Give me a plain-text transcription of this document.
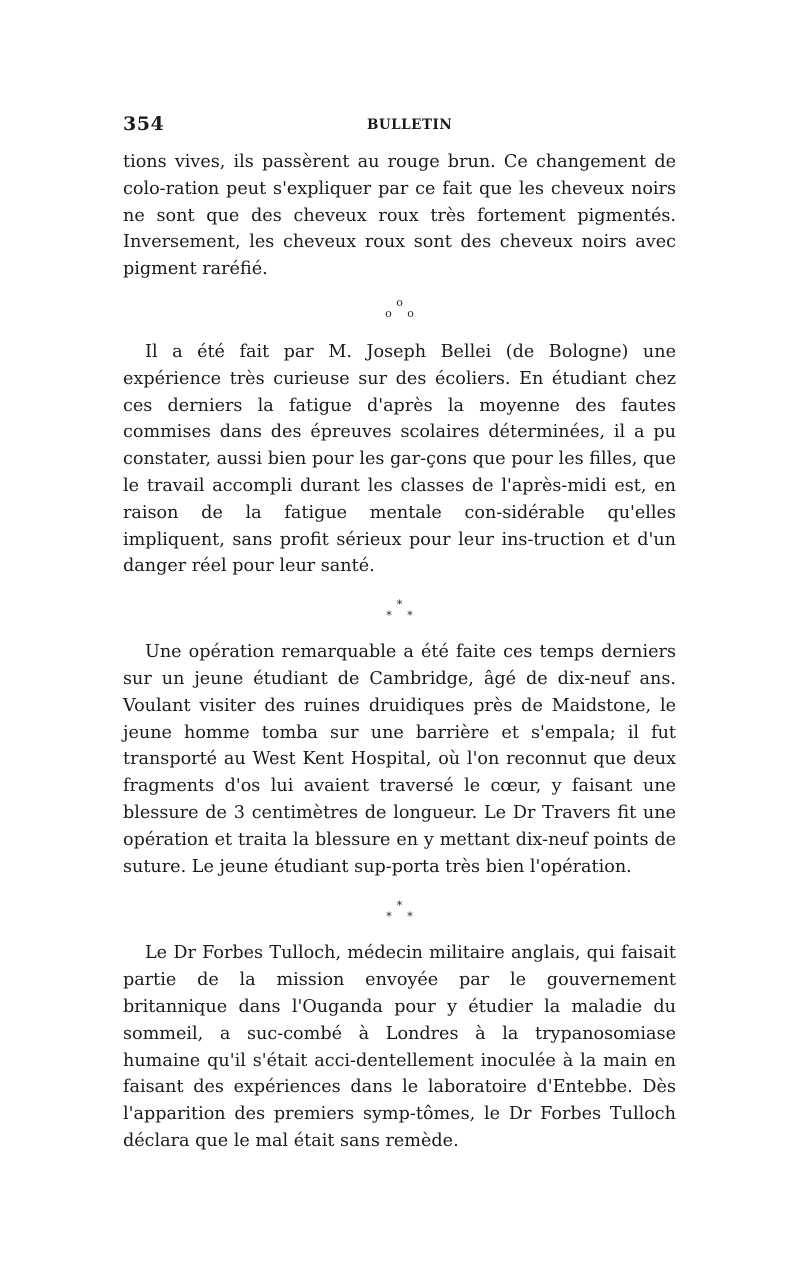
354	BULLETIN

tions vives, ils passèrent au rouge brun. Ce changement de colo-ration peut s'expliquer par ce fait que les cheveux noirs ne sont que des cheveux roux très fortement pigmentés. Inversement, les cheveux roux sont des cheveux noirs avec pigment raréfié.

o
o o

Il a été fait par M. Joseph Bellei (de Bologne) une expérience très curieuse sur des écoliers. En étudiant chez ces derniers la fatigue d'après la moyenne des fautes commises dans des épreuves scolaires déterminées, il a pu constater, aussi bien pour les gar-çons que pour les filles, que le travail accompli durant les classes de l'après-midi est, en raison de la fatigue mentale con-sidérable qu'elles impliquent, sans profit sérieux pour leur ins-truction et d'un danger réel pour leur santé.

*
* *

Une opération remarquable a été faite ces temps derniers sur un jeune étudiant de Cambridge, âgé de dix-neuf ans. Voulant visiter des ruines druidiques près de Maidstone, le jeune homme tomba sur une barrière et s'empala; il fut transporté au West Kent Hospital, où l'on reconnut que deux fragments d'os lui avaient traversé le cœur, y faisant une blessure de 3 centimètres de longueur. Le Dr Travers fit une opération et traita la blessure en y mettant dix-neuf points de suture. Le jeune étudiant sup-porta très bien l'opération.

*
* *

Le Dr Forbes Tulloch, médecin militaire anglais, qui faisait partie de la mission envoyée par le gouvernement britannique dans l'Ouganda pour y étudier la maladie du sommeil, a suc-combé à Londres à la trypanosomiase humaine qu'il s'était acci-dentellement inoculée à la main en faisant des expériences dans le laboratoire d'Entebbe. Dès l'apparition des premiers symp-tômes, le Dr Forbes Tulloch déclara que le mal était sans remède.
